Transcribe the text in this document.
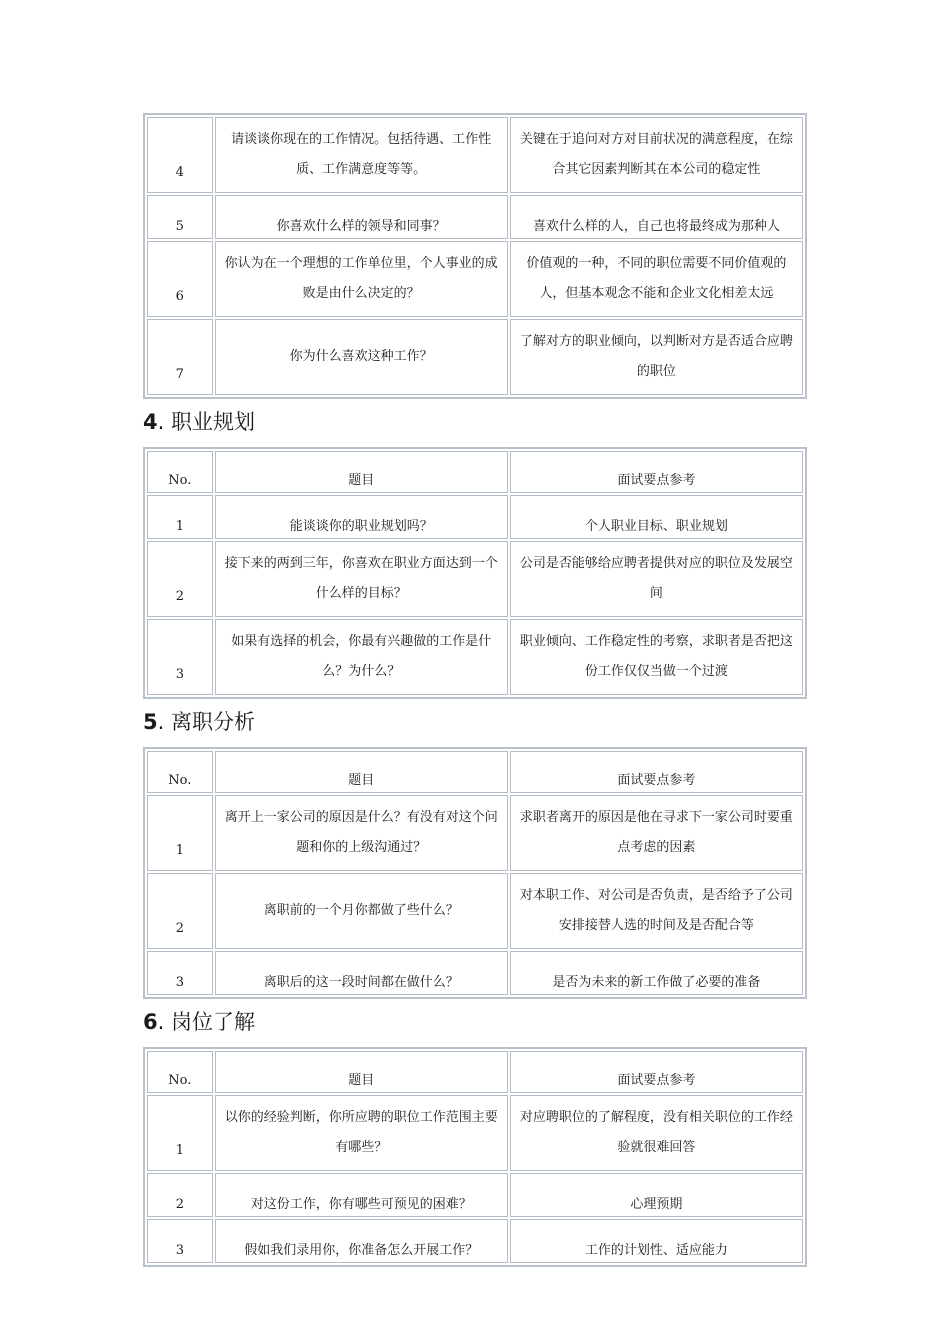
4	请谈谈你现在的工作情况。包括待遇、工作性质、工作满意度等等。	关键在于追问对方对目前状况的满意程度，在综合其它因素判断其在本公司的稳定性
5	你喜欢什么样的领导和同事？	喜欢什么样的人，自己也将最终成为那种人
6	你认为在一个理想的工作单位里，个人事业的成败是由什么决定的？	价值观的一种，不同的职位需要不同价值观的人，但基本观念不能和企业文化相差太远
7	你为什么喜欢这种工作？	了解对方的职业倾向，以判断对方是否适合应聘的职位
4. 职业规划
No.	题目	面试要点参考
1	能谈谈你的职业规划吗？	个人职业目标、职业规划
2	接下来的两到三年，你喜欢在职业方面达到一个什么样的目标？	公司是否能够给应聘者提供对应的职位及发展空间
3	如果有选择的机会，你最有兴趣做的工作是什么？为什么？	职业倾向、工作稳定性的考察，求职者是否把这份工作仅仅当做一个过渡
5. 离职分析
No.	题目	面试要点参考
1	离开上一家公司的原因是什么？有没有对这个问题和你的上级沟通过？	求职者离开的原因是他在寻求下一家公司时要重点考虑的因素
2	离职前的一个月你都做了些什么？	对本职工作、对公司是否负责，是否给予了公司安排接替人选的时间及是否配合等
3	离职后的这一段时间都在做什么？	是否为未来的新工作做了必要的准备
6. 岗位了解
No.	题目	面试要点参考
1	以你的经验判断，你所应聘的职位工作范围主要有哪些？	对应聘职位的了解程度，没有相关职位的工作经验就很难回答
2	对这份工作，你有哪些可预见的困难？	心理预期
3	假如我们录用你，你准备怎么开展工作？	工作的计划性、适应能力
